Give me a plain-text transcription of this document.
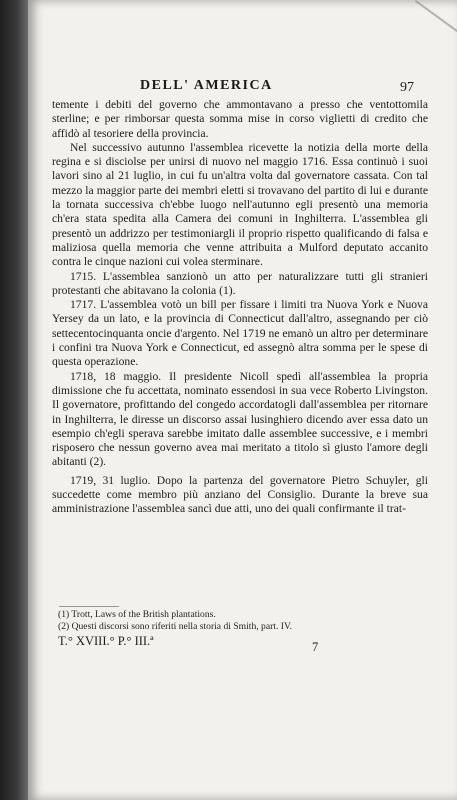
DELL' AMERICA	97

temente i debiti del governo che ammontavano a presso che ventottomila sterline; e per rimborsar questa somma mise in corso viglietti di credito che affidò al tesoriere della provincia.

Nel successivo autunno l'assemblea ricevette la notizia della morte della regina e si disciolse per unirsi di nuovo nel maggio 1716. Essa continuò i suoi lavori sino al 21 luglio, in cui fu un'altra volta dal governatore cassata. Con tal mezzo la maggior parte dei membri eletti si trovavano del partito di lui e durante la tornata successiva ch'ebbe luogo nell'autunno egli presentò una memoria ch'era stata spedita alla Camera dei comuni in Inghilterra. L'assemblea gli presentò un addrizzo per testimoniargli il proprio rispetto qualificando di falsa e maliziosa quella memoria che venne attribuita a Mulford deputato accanito contra le cinque nazioni cui volea sterminare.

1715. L'assemblea sanzionò un atto per naturalizzare tutti gli stranieri protestanti che abitavano la colonia (1).

1717. L'assemblea votò un bill per fissare i limiti tra Nuova York e Nuova Yersey da un lato, e la provincia di Connecticut dall'altro, assegnando per ciò settecentocinquanta oncie d'argento. Nel 1719 ne emanò un altro per determinare i confini tra Nuova York e Connecticut, ed assegnò altra somma per le spese di questa operazione.

1718, 18 maggio. Il presidente Nicoll spedì all'assemblea la propria dimissione che fu accettata, nominato essendosi in sua vece Roberto Livingston. Il governatore, profittando del congedo accordatogli dall'assemblea per ritornare in Inghilterra, le diresse un discorso assai lusinghiero dicendo aver essa dato un esempio ch'egli sperava sarebbe imitato dalle assemblee successive, e i membri risposero che nessun governo avea mai meritato a titolo sì giusto l'amore degli abitanti (2).

1719, 31 luglio. Dopo la partenza del governatore Pietro Schuyler, gli succedette come membro più anziano del Consiglio. Durante la breve sua amministrazione l'assemblea sancì due atti, uno dei quali confirmante il trat-

(1) Trott, Laws of the British plantations.

(2) Questi discorsi sono riferiti nella storia di Smith, part. IV.

T.° XVIII.° P.° III.ª	7
